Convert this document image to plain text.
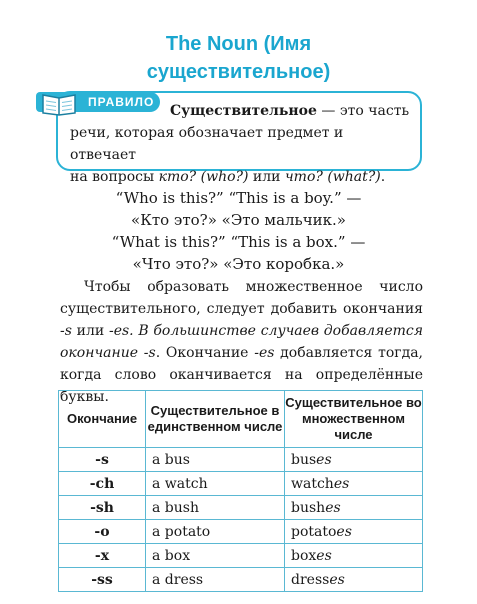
The Noun (Имя
существительное)
ПРАВИЛО
Существительное — это часть
речи, которая обозначает предмет и отвечает
на вопросы кто? (who?) или что? (what?).
“Who is this?” “This is a boy.” —
«Кто это?» «Это мальчик.»
“What is this?” “This is a box.” —
«Что это?» «Это коробка.»
Чтобы образовать множественное число существительного, следует добавить окончания -s или -es. В большинстве случаев добавляется окончание -s. Окончание -es добавляется тогда, когда слово оканчивается на определённые буквы.
Окончание	Существительное в единственном числе	Существительное во множественном числе
-s	a bus	buses
-ch	a watch	watches
-sh	a bush	bushes
-o	a potato	potatoes
-x	a box	boxes
-ss	a dress	dresses
